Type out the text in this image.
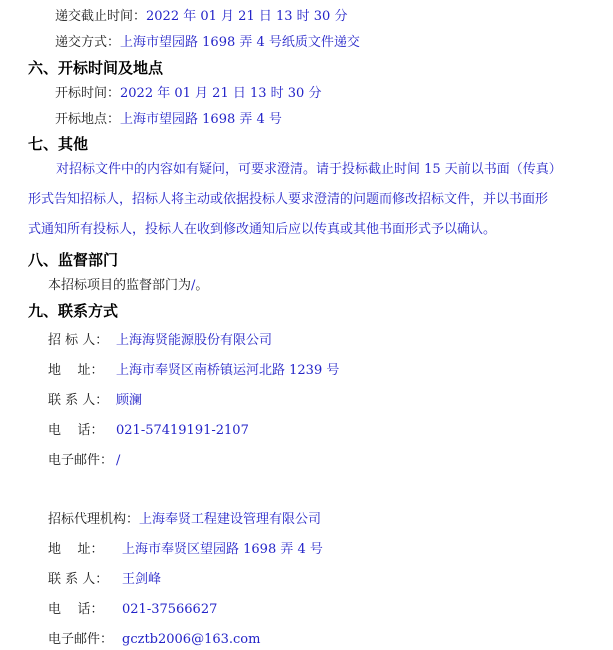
递交截止时间：2022 年 01 月 21 日 13 时 30 分
递交方式：上海市望园路 1698 弄 4 号纸质文件递交
六、开标时间及地点
开标时间：2022 年 01 月 21 日 13 时 30 分
开标地点：上海市望园路 1698 弄 4 号
七、其他
对招标文件中的内容如有疑问，可要求澄清。请于投标截止时间 15 天前以书面（传真）
形式告知招标人，招标人将主动或依据投标人要求澄清的问题而修改招标文件，并以书面形
式通知所有投标人，投标人在收到修改通知后应以传真或其他书面形式予以确认。
八、监督部门
本招标项目的监督部门为/。
九、联系方式
招 标 人： 上海海贤能源股份有限公司
地    址： 上海市奉贤区南桥镇运河北路 1239 号
联 系 人： 顾澜
电    话： 021-57419191-2107
电子邮件： /
招标代理机构：上海奉贤工程建设管理有限公司
地    址： 上海市奉贤区望园路 1698 弄 4 号
联 系 人： 王剑峰
电    话： 021-37566627
电子邮件： gcztb2006@163.com
